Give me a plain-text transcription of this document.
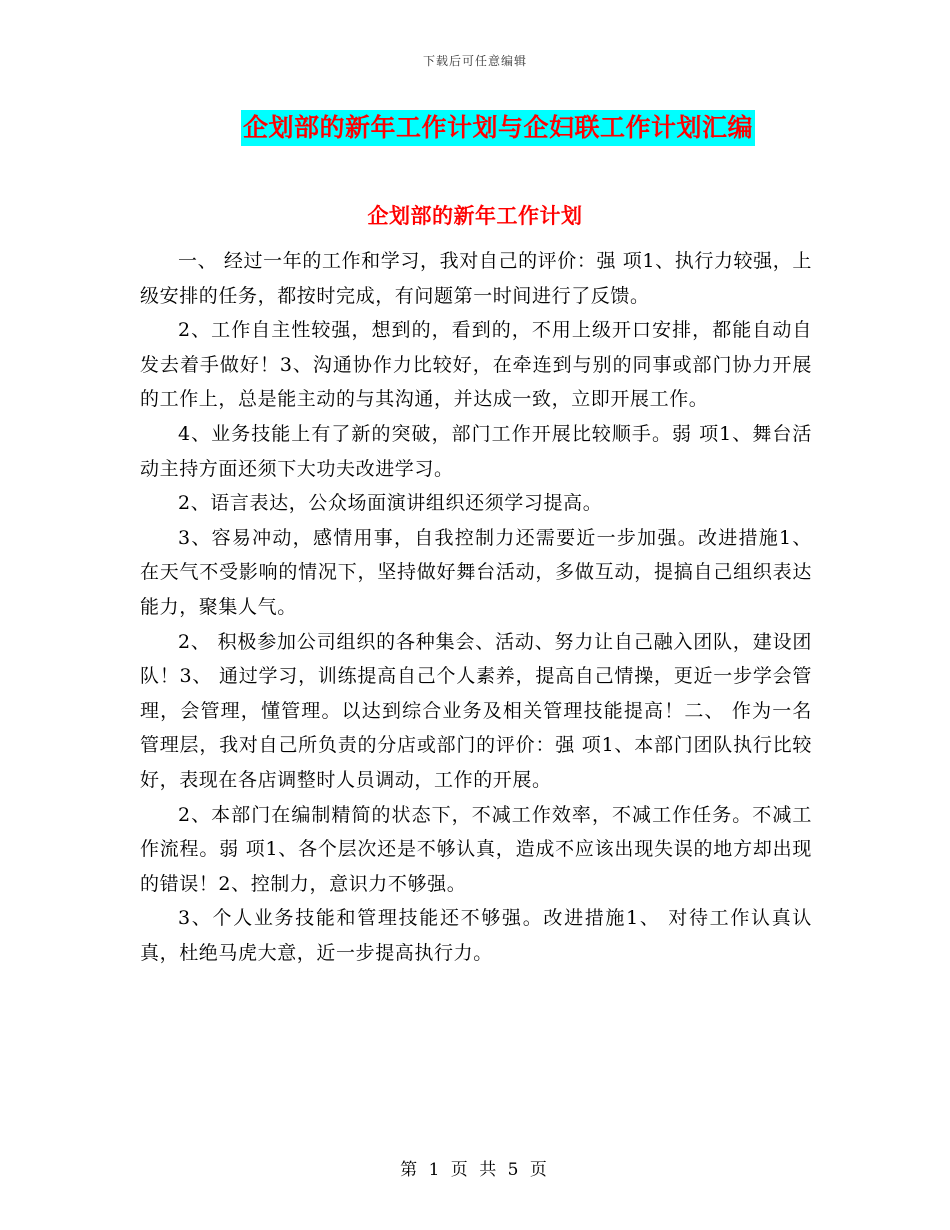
下载后可任意编辑
企划部的新年工作计划与企妇联工作计划汇编
企划部的新年工作计划

一、 经过一年的工作和学习，我对自己的评价：强 项1、执行力较强，上级安排的任务，都按时完成，有问题第一时间进行了反馈。

2、工作自主性较强，想到的，看到的，不用上级开口安排，都能自动自发去着手做好！3、沟通协作力比较好，在牵连到与别的同事或部门协力开展的工作上，总是能主动的与其沟通，并达成一致，立即开展工作。

4、业务技能上有了新的突破，部门工作开展比较顺手。弱 项1、舞台活动主持方面还须下大功夫改进学习。

2、语言表达，公众场面演讲组织还须学习提高。

3、容易冲动，感情用事，自我控制力还需要近一步加强。改进措施1、 在天气不受影响的情况下，坚持做好舞台活动，多做互动，提搞自己组织表达能力，聚集人气。

2、 积极参加公司组织的各种集会、活动、努力让自己融入团队，建设团队！3、 通过学习，训练提高自己个人素养，提高自己情操，更近一步学会管理，会管理，懂管理。以达到综合业务及相关管理技能提高！二、 作为一名管理层，我对自己所负责的分店或部门的评价：强 项1、本部门团队执行比较好，表现在各店调整时人员调动，工作的开展。

2、本部门在编制精简的状态下，不减工作效率，不减工作任务。不减工作流程。弱 项1、各个层次还是不够认真，造成不应该出现失误的地方却出现的错误！2、控制力，意识力不够强。

3、个人业务技能和管理技能还不够强。改进措施1、 对待工作认真认真，杜绝马虎大意，近一步提高执行力。

第 1 页 共 5 页
